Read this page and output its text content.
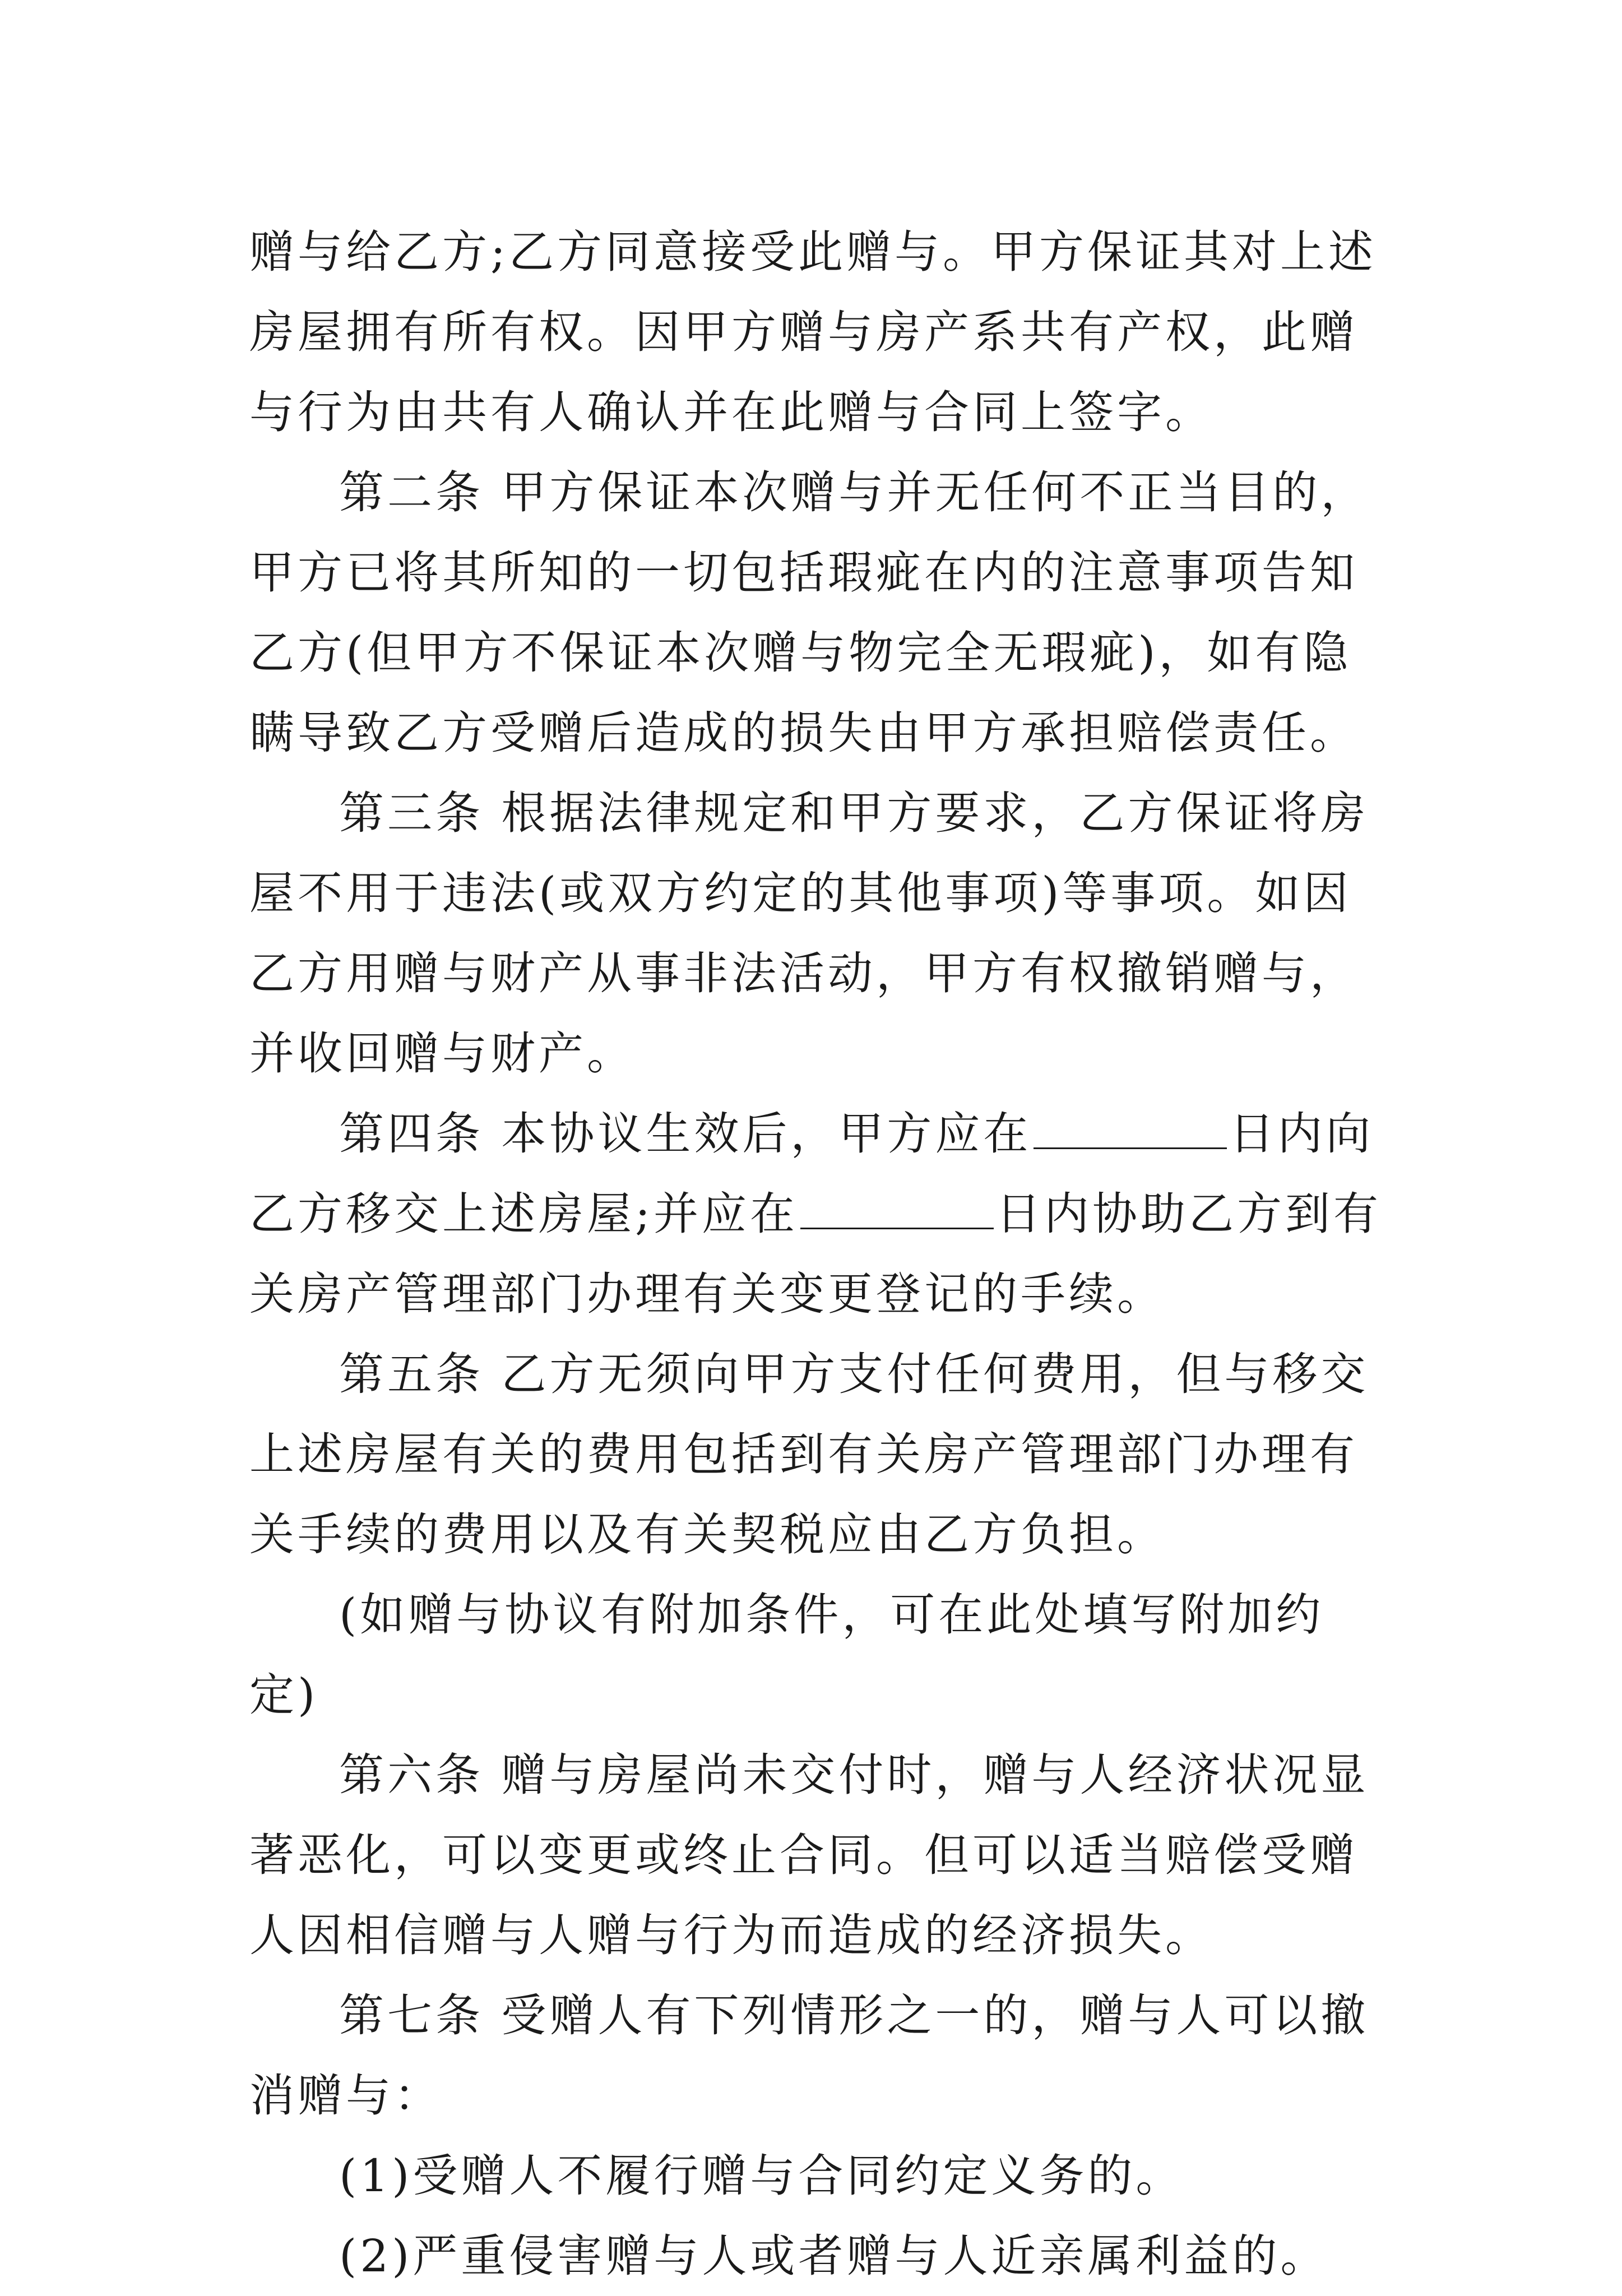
赠与给乙方;乙方同意接受此赠与。甲方保证其对上述房屋拥有所有权。因甲方赠与房产系共有产权，此赠与行为由共有人确认并在此赠与合同上签字。

第二条 甲方保证本次赠与并无任何不正当目的，甲方已将其所知的一切包括瑕疵在内的注意事项告知乙方(但甲方不保证本次赠与物完全无瑕疵)，如有隐瞒导致乙方受赠后造成的损失由甲方承担赔偿责任。

第三条 根据法律规定和甲方要求，乙方保证将房屋不用于违法(或双方约定的其他事项)等事项。如因乙方用赠与财产从事非法活动，甲方有权撤销赠与，并收回赠与财产。

第四条 本协议生效后，甲方应在	日内向乙方移交上述房屋;并应在	日内协助乙方到有关房产管理部门办理有关变更登记的手续。

第五条 乙方无须向甲方支付任何费用，但与移交上述房屋有关的费用包括到有关房产管理部门办理有关手续的费用以及有关契税应由乙方负担。

(如赠与协议有附加条件，可在此处填写附加约定)

第六条 赠与房屋尚未交付时，赠与人经济状况显著恶化，可以变更或终止合同。但可以适当赔偿受赠人因相信赠与人赠与行为而造成的经济损失。

第七条 受赠人有下列情形之一的，赠与人可以撤消赠与：

(1)受赠人不履行赠与合同约定义务的。

(2)严重侵害赠与人或者赠与人近亲属利益的。
